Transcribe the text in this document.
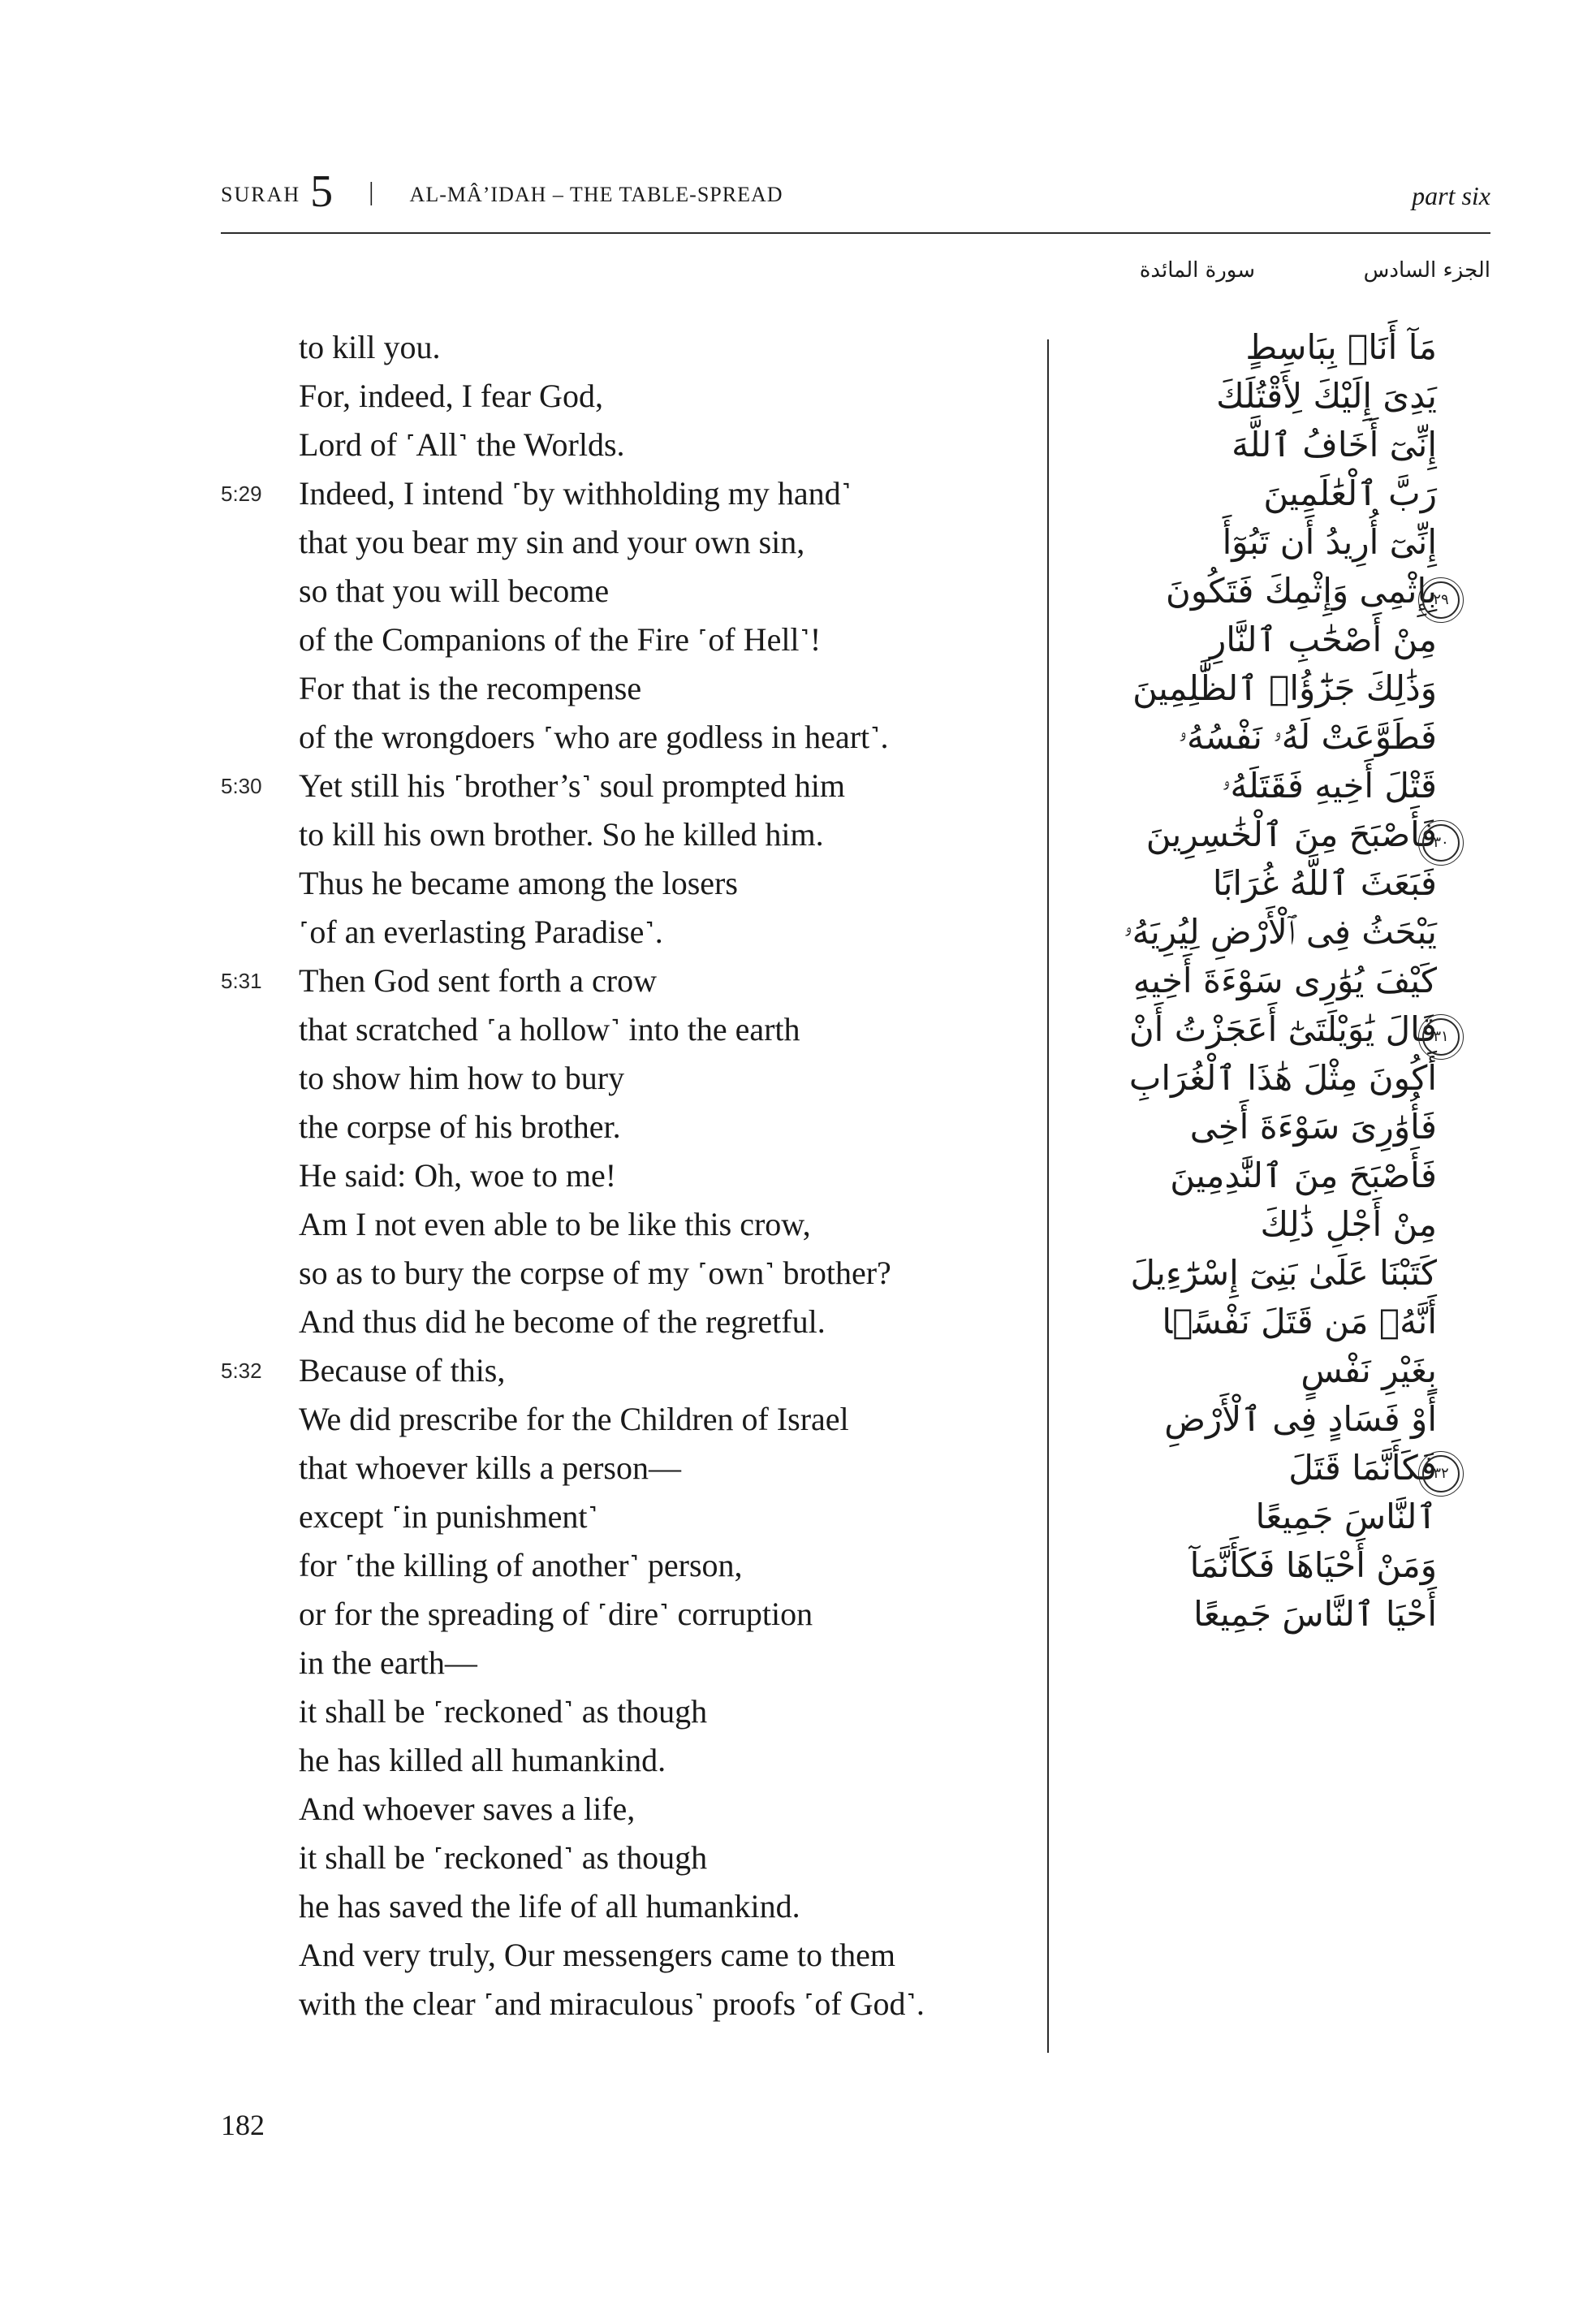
SURAH 5 | AL-MÂ’IDAH – THE TABLE-SPREAD	part six
الجزء السادس
سورة المائدة
to kill you.
For, indeed, I fear God,
Lord of ˹All˺ the Worlds.
5:29 Indeed, I intend ˹by withholding my hand˺
that you bear my sin and your own sin,
so that you will become
of the Companions of the Fire ˹of Hell˺!
For that is the recompense
of the wrongdoers ˹who are godless in heart˺.
5:30 Yet still his ˹brother’s˺ soul prompted him
to kill his own brother. So he killed him.
Thus he became among the losers
˹of an everlasting Paradise˺.
5:31 Then God sent forth a crow
that scratched ˹a hollow˺ into the earth
to show him how to bury
the corpse of his brother.
He said: Oh, woe to me!
Am I not even able to be like this crow,
so as to bury the corpse of my ˹own˺ brother?
And thus did he become of the regretful.
5:32 Because of this,
We did prescribe for the Children of Israel
that whoever kills a person—
except ˹in punishment˺
for ˹the killing of another˺ person,
or for the spreading of ˹dire˺ corruption
in the earth—
it shall be ˹reckoned˺ as though
he has killed all humankind.
And whoever saves a life,
it shall be ˹reckoned˺ as though
he has saved the life of all humankind.
And very truly, Our messengers came to them
with the clear ˹and miraculous˺ proofs ˹of God˺.
مَآ أَنَا۠ بِبَاسِطٍ
يَدِىَ إِلَيْكَ لِأَقْتُلَكَ
إِنِّىٓ أَخَافُ ٱللَّهَ
رَبَّ ٱلْعَٰلَمِينَ
إِنِّىٓ أُرِيدُ أَن تَبُوٓأَ
بِإِثْمِى وَإِثْمِكَ فَتَكُونَ
مِنْ أَصْحَٰبِ ٱلنَّارِ
وَذَٰلِكَ جَزَٰٓؤُا۟ ٱلظَّٰلِمِينَ
فَطَوَّعَتْ لَهُۥ نَفْسُهُۥ
قَتْلَ أَخِيهِ فَقَتَلَهُۥ
فَأَصْبَحَ مِنَ ٱلْخَٰسِرِينَ
فَبَعَثَ ٱللَّهُ غُرَابًا
يَبْحَثُ فِى ٱلْأَرْضِ لِيُرِيَهُۥ
كَيْفَ يُوَٰرِى سَوْءَةَ أَخِيهِ
قَالَ يَٰوَيْلَتَىٰٓ أَعَجَزْتُ أَنْ
أَكُونَ مِثْلَ هَٰذَا ٱلْغُرَابِ
فَأُوَٰرِىَ سَوْءَةَ أَخِى
فَأَصْبَحَ مِنَ ٱلنَّٰدِمِينَ
مِنْ أَجْلِ ذَٰلِكَ
كَتَبْنَا عَلَىٰ بَنِىٓ إِسْرَٰٓءِيلَ
أَنَّهُۥ مَن قَتَلَ نَفْسًۢا
بِغَيْرِ نَفْسٍ
أَوْ فَسَادٍ فِى ٱلْأَرْضِ
فَكَأَنَّمَا قَتَلَ
ٱلنَّاسَ جَمِيعًا
وَمَنْ أَحْيَاهَا فَكَأَنَّمَآ
أَحْيَا ٱلنَّاسَ جَمِيعًا
٢٩
٣٠
٣١
٣٢
182
